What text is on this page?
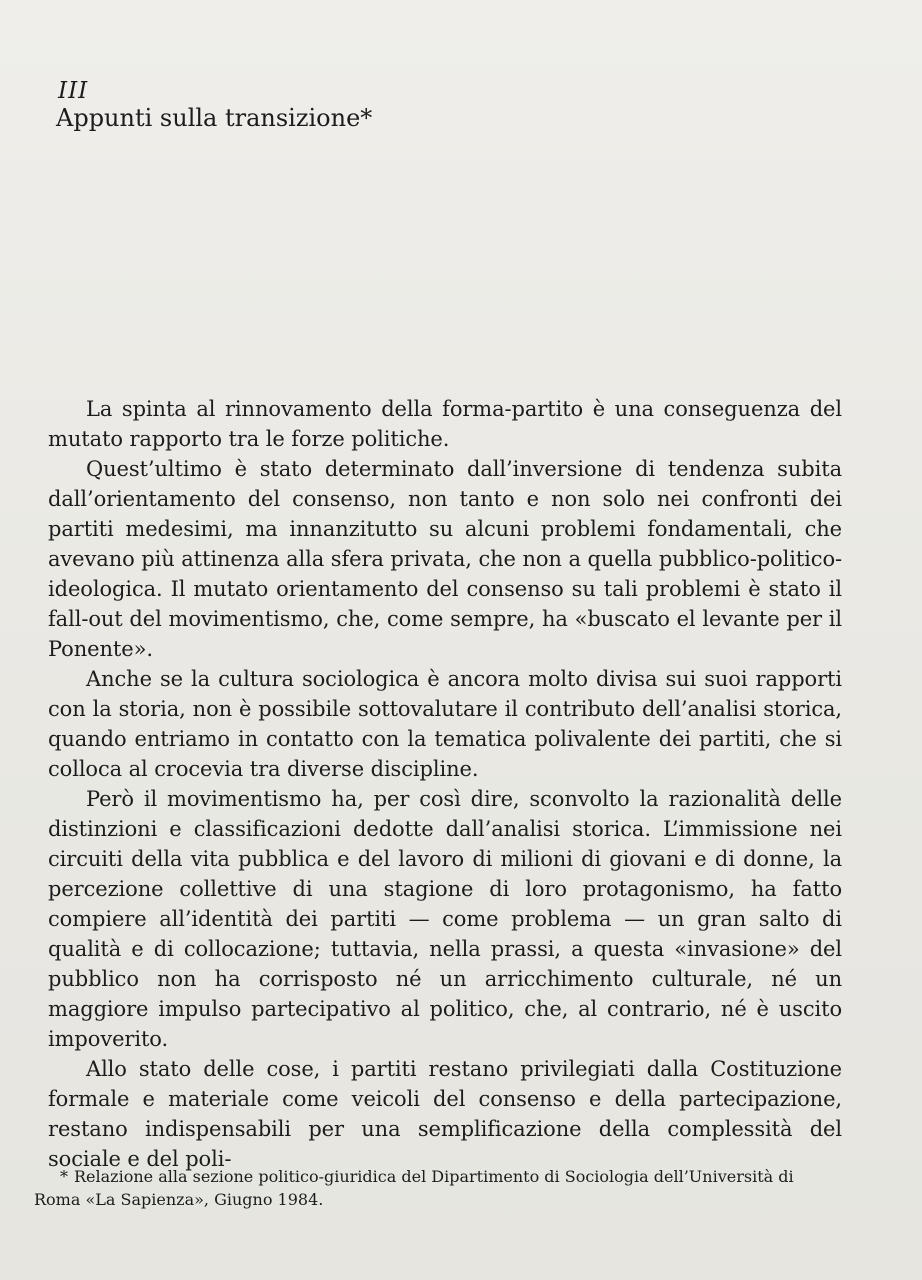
III
Appunti sulla transizione*

La spinta al rinnovamento della forma-partito è una conseguenza del mutato rapporto tra le forze politiche.

Quest’ultimo è stato determinato dall’inversione di tendenza subita dall’orientamento del consenso, non tanto e non solo nei confronti dei partiti medesimi, ma innanzitutto su alcuni problemi fondamentali, che avevano più attinenza alla sfera privata, che non a quella pubblico-politico-ideologica. Il mutato orientamento del consenso su tali problemi è stato il fall-out del movimentismo, che, come sempre, ha «buscato el levante per il Ponente».

Anche se la cultura sociologica è ancora molto divisa sui suoi rapporti con la storia, non è possibile sottovalutare il contributo dell’analisi storica, quando entriamo in contatto con la tematica polivalente dei partiti, che si colloca al crocevia tra diverse discipline.

Però il movimentismo ha, per così dire, sconvolto la razionalità delle distinzioni e classificazioni dedotte dall’analisi storica. L’immissione nei circuiti della vita pubblica e del lavoro di milioni di giovani e di donne, la percezione collettive di una stagione di loro protagonismo, ha fatto compiere all’identità dei partiti — come problema — un gran salto di qualità e di collocazione; tuttavia, nella prassi, a questa «invasione» del pubblico non ha corrisposto né un arricchimento culturale, né un maggiore impulso partecipativo al politico, che, al contrario, né è uscito impoverito.

Allo stato delle cose, i partiti restano privilegiati dalla Costituzione formale e materiale come veicoli del consenso e della partecipazione, restano indispensabili per una semplificazione della complessità del sociale e del poli-

* Relazione alla sezione politico-giuridica del Dipartimento di Sociologia dell’Università di Roma «La Sapienza», Giugno 1984.
